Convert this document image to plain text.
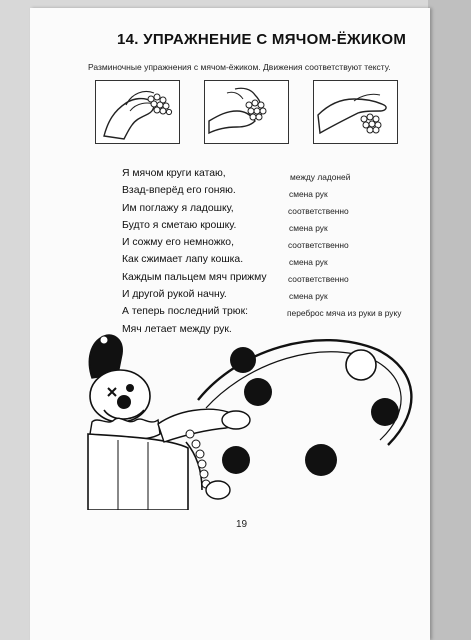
14. УПРАЖНЕНИЕ С МЯЧОМ-ЁЖИКОМ
Разминочные упражнения с мячом-ёжиком. Движения соответствуют тексту.
Я мячом круги катаю,
Взад-вперёд его гоняю.
Им поглажу я ладошку,
Будто я сметаю крошку.
И сожму его немножко,
Как сжимает лапу кошка.
Каждым пальцем мяч прижму
И другой рукой начну.
А теперь последний трюк:
Мяч летает между рук.
между ладоней
смена рук
соответственно
смена рук
соответственно
смена рук
соответственно
смена рук
переброс мяча из руки в руку
19
